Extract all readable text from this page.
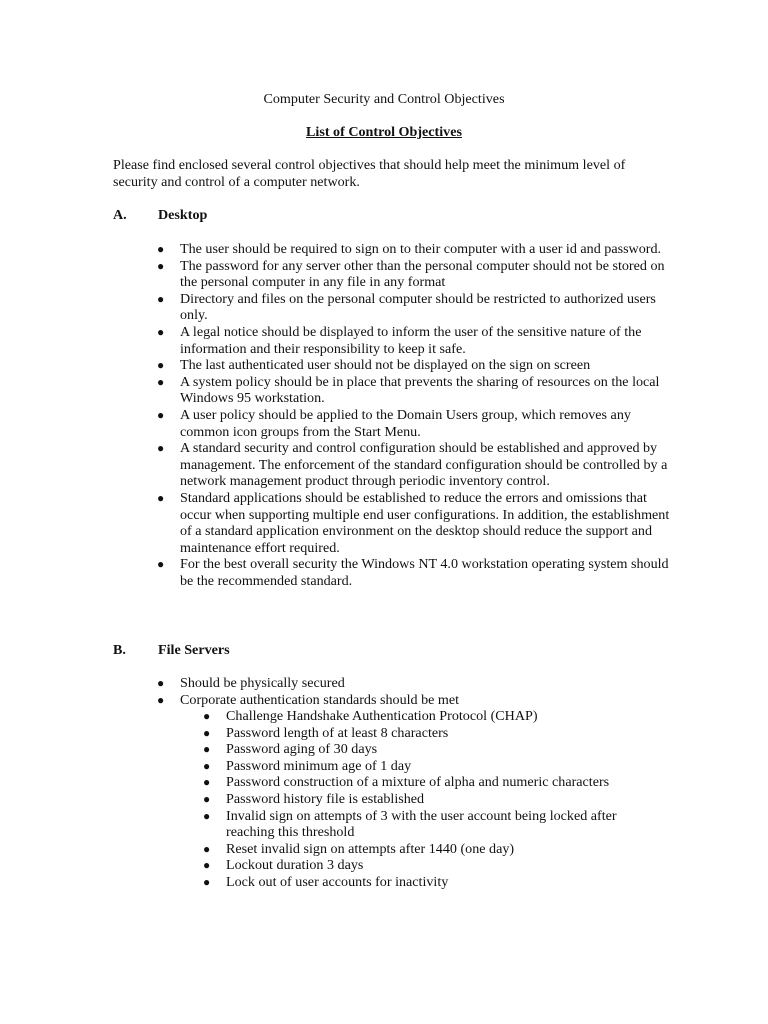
Computer Security and Control Objectives
List of Control Objectives
Please find enclosed several control objectives that should help meet the minimum level of security and control of a computer network.
A. Desktop
● The user should be required to sign on to their computer with a user id and password.
● The password for any server other than the personal computer should not be stored on the personal computer in any file in any format
● Directory and files on the personal computer should be restricted to authorized users only.
● A legal notice should be displayed to inform the user of the sensitive nature of the information and their responsibility to keep it safe.
● The last authenticated user should not be displayed on the sign on screen
● A system policy should be in place that prevents the sharing of resources on the local Windows 95 workstation.
● A user policy should be applied to the Domain Users group, which removes any common icon groups from the Start Menu.
● A standard security and control configuration should be established and approved by management. The enforcement of the standard configuration should be controlled by a network management product through periodic inventory control.
● Standard applications should be established to reduce the errors and omissions that occur when supporting multiple end user configurations. In addition, the establishment of a standard application environment on the desktop should reduce the support and maintenance effort required.
● For the best overall security the Windows NT 4.0 workstation operating system should be the recommended standard.
B. File Servers
● Should be physically secured
● Corporate authentication standards should be met
● Challenge Handshake Authentication Protocol (CHAP)
● Password length of at least 8 characters
● Password aging of 30 days
● Password minimum age of 1 day
● Password construction of a mixture of alpha and numeric characters
● Password history file is established
● Invalid sign on attempts of 3 with the user account being locked after reaching this threshold
● Reset invalid sign on attempts after 1440 (one day)
● Lockout duration 3 days
● Lock out of user accounts for inactivity
